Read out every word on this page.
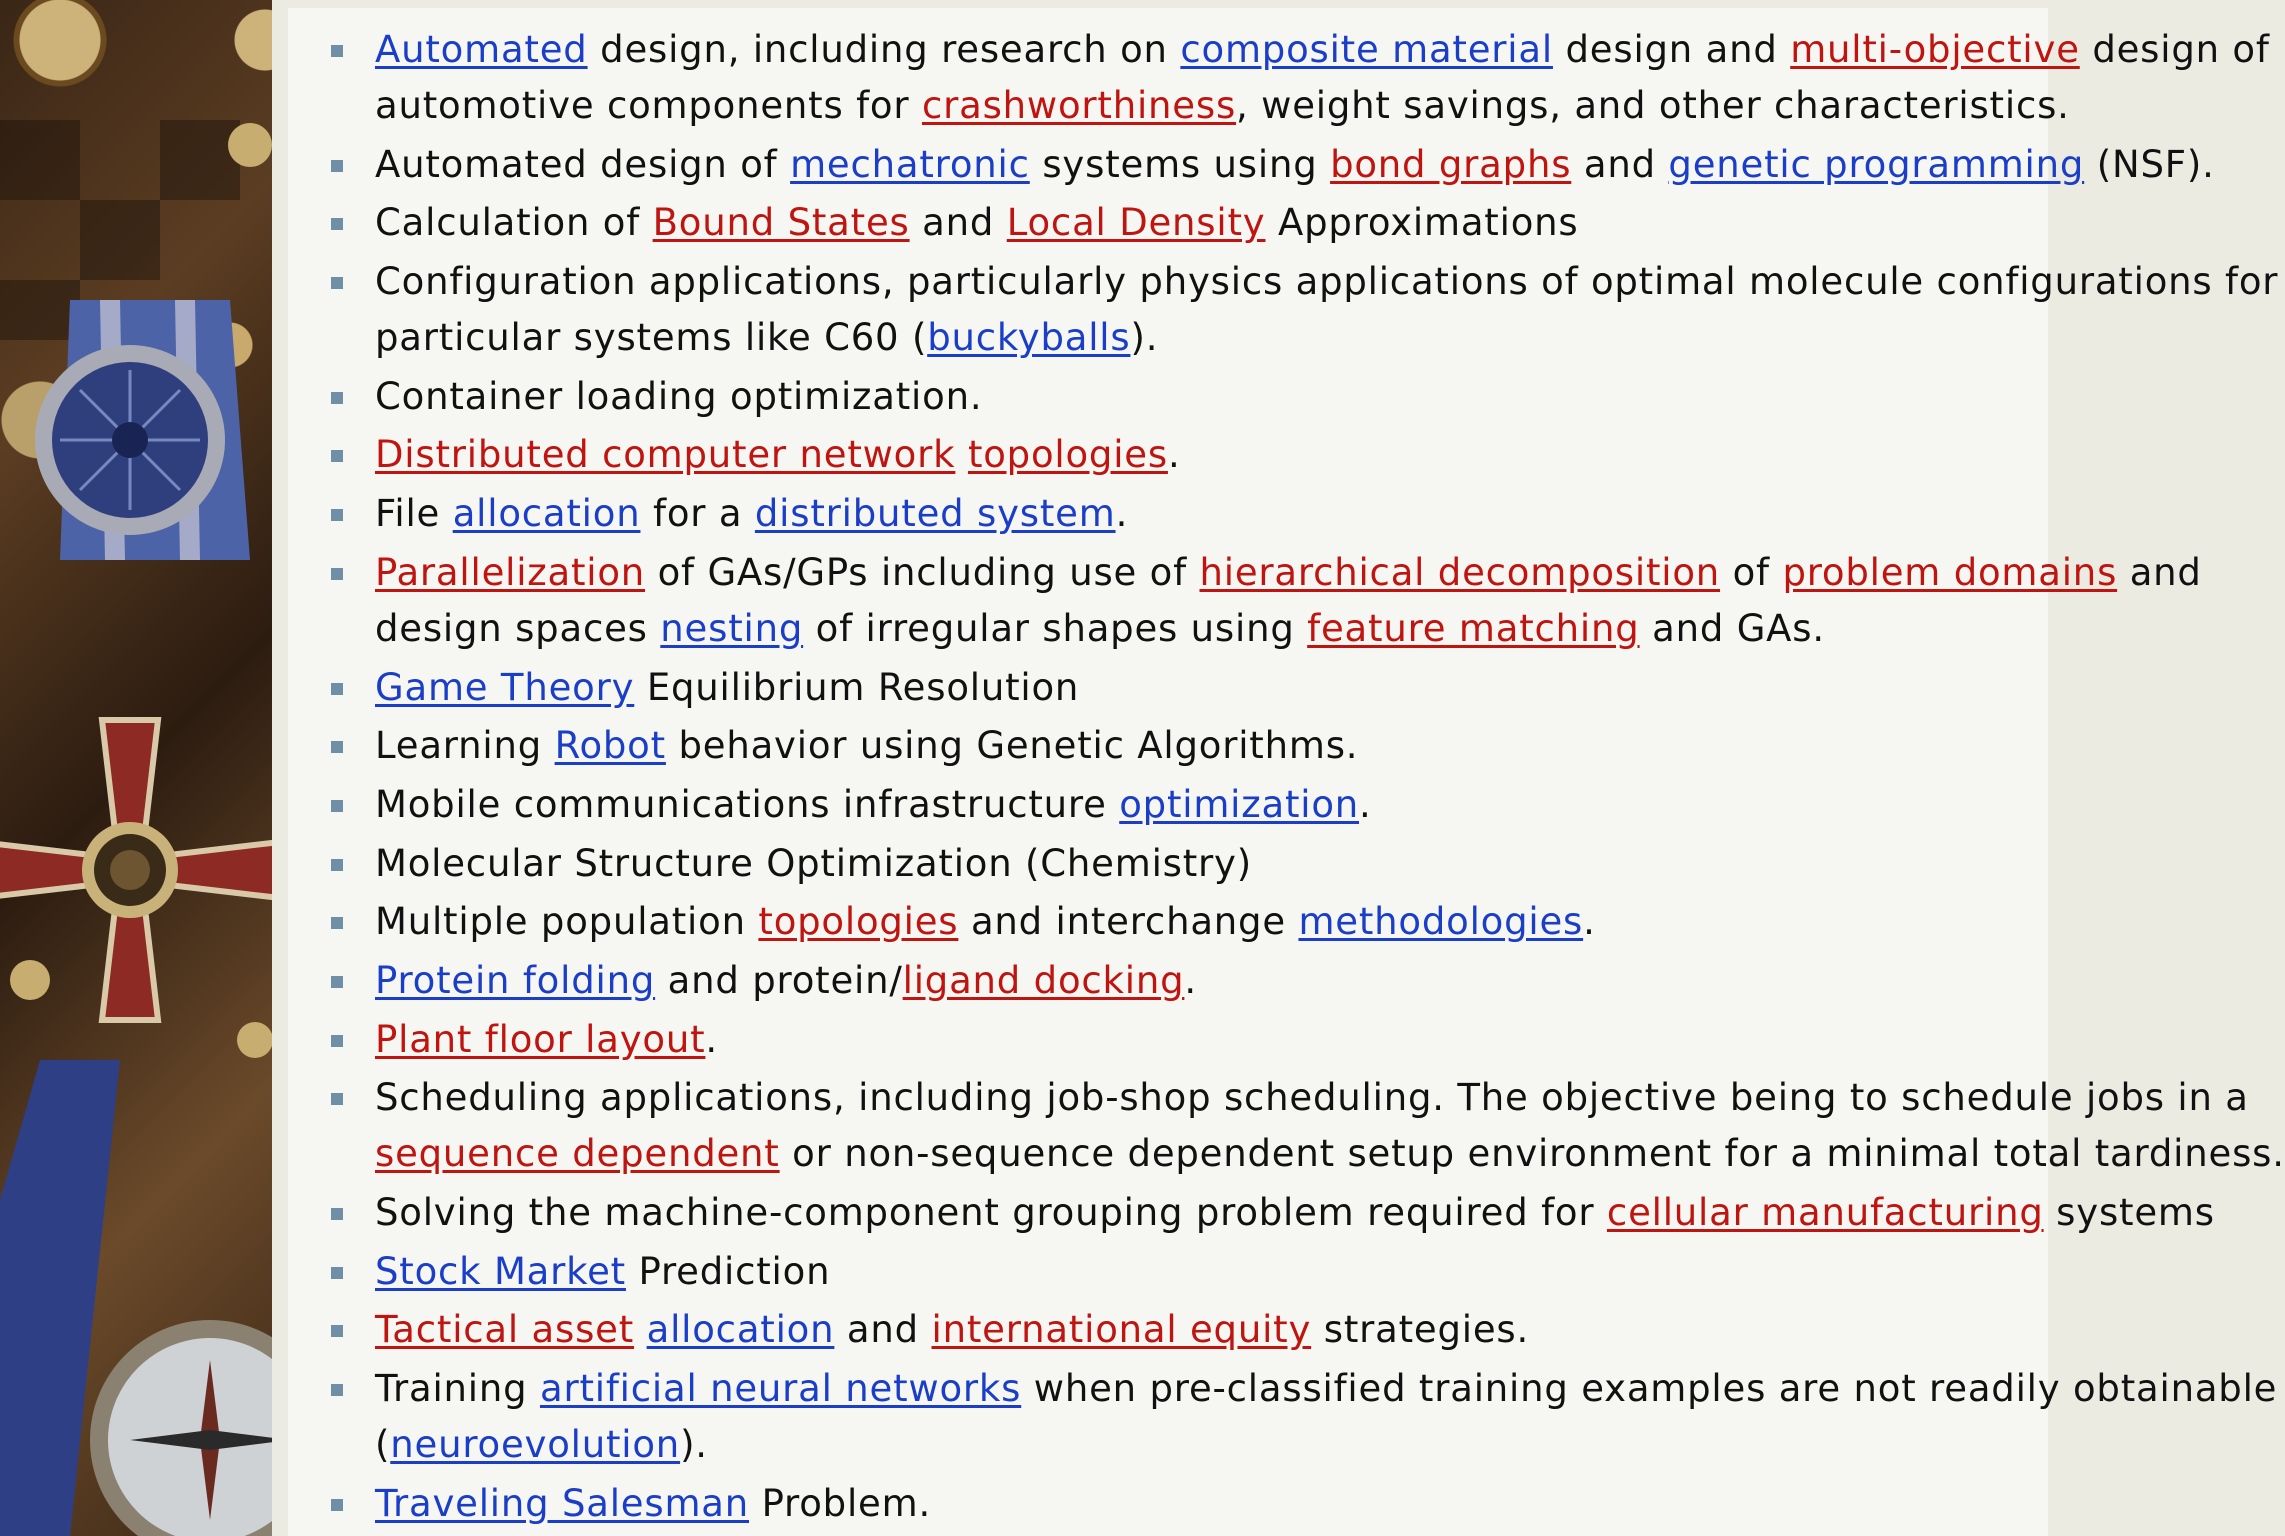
Automated design, including research on composite material design and multi-objective design of
automotive components for crashworthiness, weight savings, and other characteristics.
Automated design of mechatronic systems using bond graphs and genetic programming (NSF).
Calculation of Bound States and Local Density Approximations
Configuration applications, particularly physics applications of optimal molecule configurations for
particular systems like C60 (buckyballs).
Container loading optimization.
Distributed computer network topologies.
File allocation for a distributed system.
Parallelization of GAs/GPs including use of hierarchical decomposition of problem domains and
design spaces nesting of irregular shapes using feature matching and GAs.
Game Theory Equilibrium Resolution
Learning Robot behavior using Genetic Algorithms.
Mobile communications infrastructure optimization.
Molecular Structure Optimization (Chemistry)
Multiple population topologies and interchange methodologies.
Protein folding and protein/ligand docking.
Plant floor layout.
Scheduling applications, including job-shop scheduling. The objective being to schedule jobs in a
sequence dependent or non-sequence dependent setup environment for a minimal total tardiness.
Solving the machine-component grouping problem required for cellular manufacturing systems
Stock Market Prediction
Tactical asset allocation and international equity strategies.
Training artificial neural networks when pre-classified training examples are not readily obtainable
(neuroevolution).
Traveling Salesman Problem.
